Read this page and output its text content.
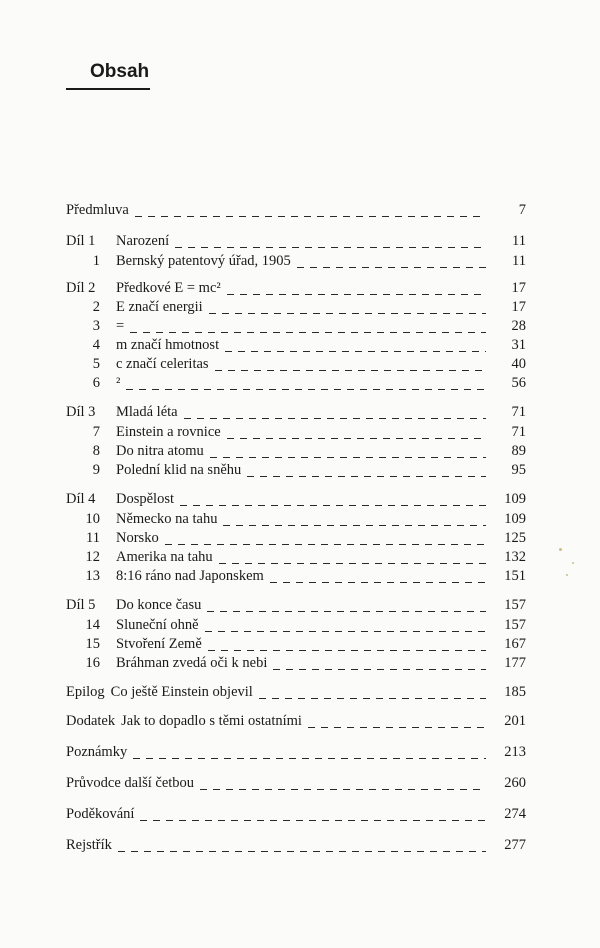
Obsah
Předmluva	7
Díl 1	Narození	11
1	Bernský patentový úřad, 1905	11
Díl 2	Předkové E = mc²	17
2	E značí energii	17
3	=	28
4	m značí hmotnost	31
5	c značí celeritas	40
6	²	56
Díl 3	Mladá léta	71
7	Einstein a rovnice	71
8	Do nitra atomu	89
9	Polední klid na sněhu	95
Díl 4	Dospělost	109
10	Německo na tahu	109
11	Norsko	125
12	Amerika na tahu	132
13	8:16 ráno nad Japonskem	151
Díl 5	Do konce času	157
14	Sluneční ohně	157
15	Stvoření Země	167
16	Bráhman zvedá oči k nebi	177
Epilog Co ještě Einstein objevil	185
Dodatek Jak to dopadlo s těmi ostatními	201
Poznámky	213
Průvodce další četbou	260
Poděkování	274
Rejstřík	277
